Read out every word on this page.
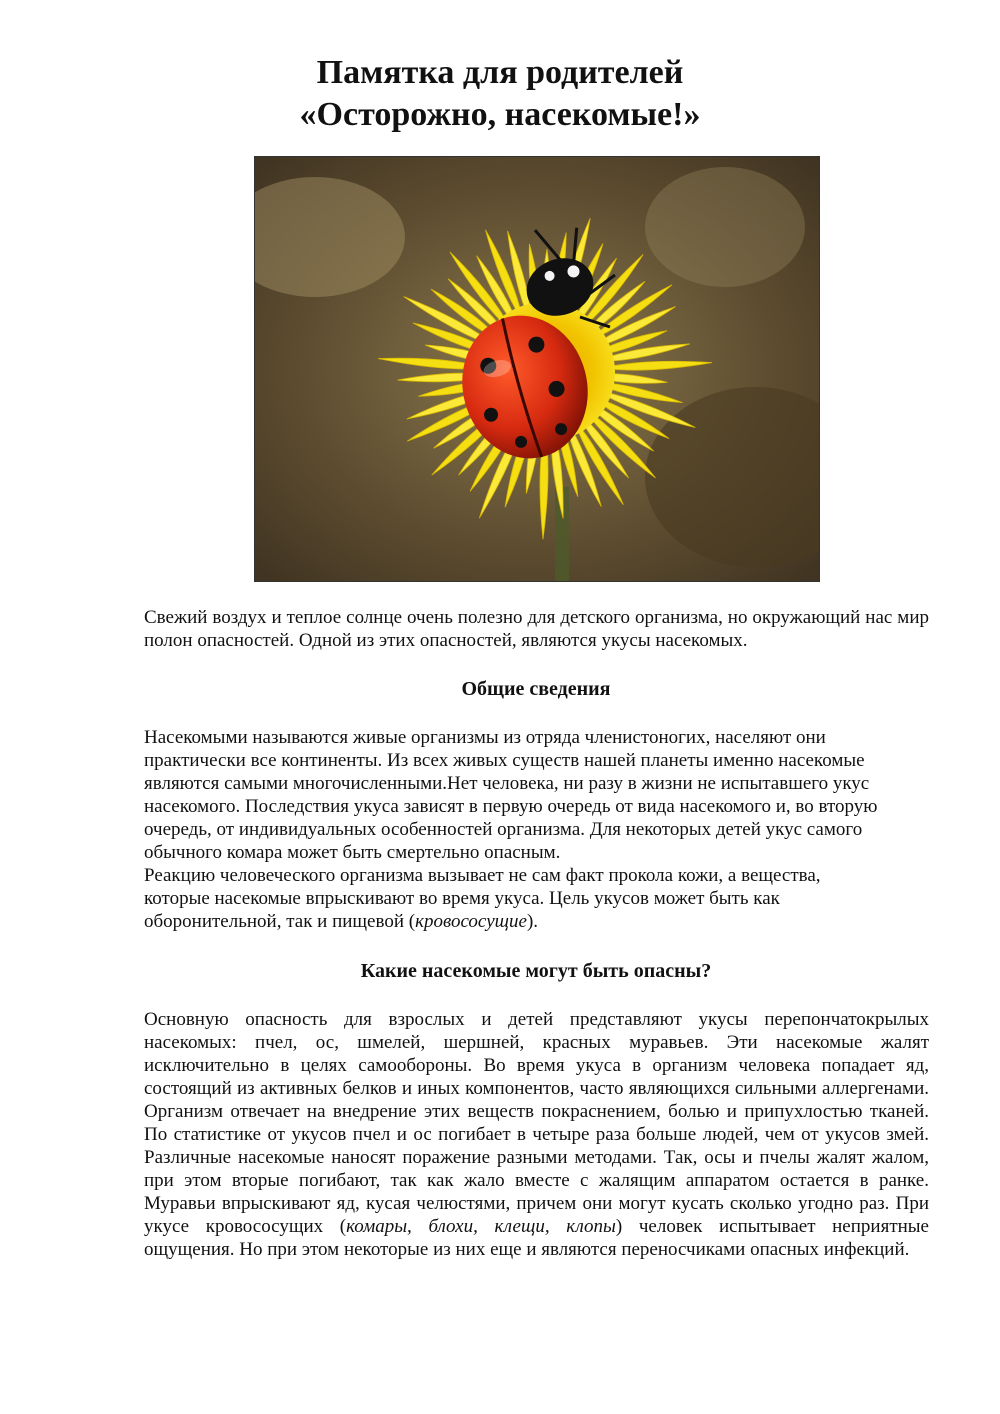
Памятка для родителей
«Осторожно, насекомые!»

Свежий воздух и теплое солнце очень полезно для детского организма, но окружающий нас мир полон опасностей. Одной из этих опасностей, являются укусы насекомых.

Общие сведения

Насекомыми называются живые организмы из отряда членистоногих, населяют они
практически все континенты. Из всех живых существ нашей планеты именно насекомые
являются самыми многочисленными.Нет человека, ни разу в жизни не испытавшего укус
насекомого. Последствия укуса зависят в первую очередь от вида насекомого и, во вторую
очередь, от индивидуальных особенностей организма. Для некоторых детей укус самого
обычного комара может быть смертельно опасным.
Реакцию человеческого организма вызывает не сам факт прокола кожи, а вещества,
которые насекомые впрыскивают во время укуса. Цель укусов может быть как
оборонительной, так и пищевой (кровососущие).

Какие насекомые могут быть опасны?

Основную опасность для взрослых и детей представляют укусы перепончатокрылых насекомых: пчел, ос, шмелей, шершней, красных муравьев. Эти насекомые жалят исключительно в целях самообороны. Во время укуса в организм человека попадает яд, состоящий из активных белков и иных компонентов, часто являющихся сильными аллергенами. Организм отвечает на внедрение этих веществ покраснением, болью и припухлостью тканей. По статистике от укусов пчел и ос погибает в четыре раза больше людей, чем от укусов змей. Различные насекомые наносят поражение разными методами. Так, осы и пчелы жалят жалом, при этом вторые погибают, так как жало вместе с жалящим аппаратом остается в ранке. Муравьи впрыскивают яд, кусая челюстями, причем они могут кусать сколько угодно раз. При укусе кровососущих (комары, блохи, клещи, клопы) человек испытывает неприятные ощущения. Но при этом некоторые из них еще и являются переносчиками опасных инфекций.
